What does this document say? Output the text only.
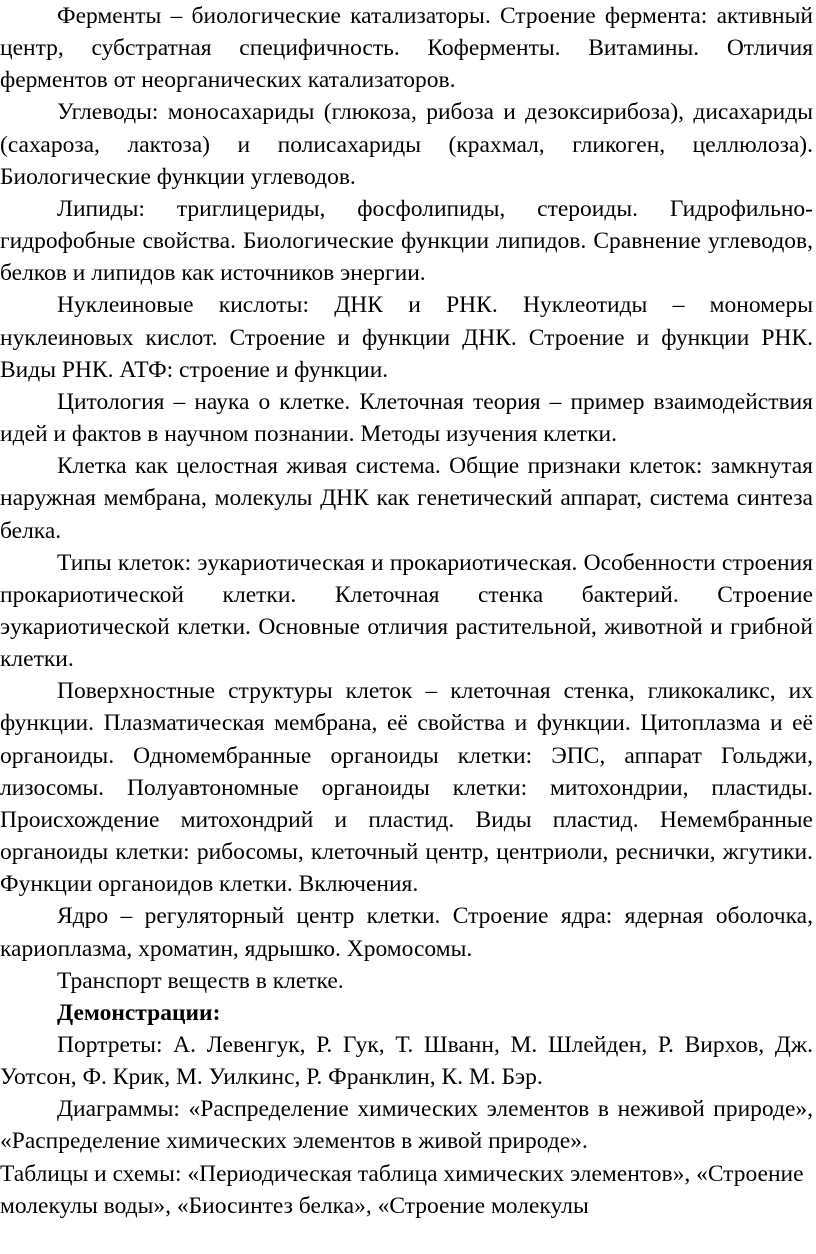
Ферменты – биологические катализаторы. Строение фермента: активный центр, субстратная специфичность. Коферменты. Витамины. Отличия ферментов от неорганических катализаторов.

Углеводы: моносахариды (глюкоза, рибоза и дезоксирибоза), дисахариды (сахароза, лактоза) и полисахариды (крахмал, гликоген, целлюлоза). Биологические функции углеводов.

Липиды: триглицериды, фосфолипиды, стероиды. Гидрофильно-гидрофобные свойства. Биологические функции липидов. Сравнение углеводов, белков и липидов как источников энергии.

Нуклеиновые кислоты: ДНК и РНК. Нуклеотиды – мономеры нуклеиновых кислот. Строение и функции ДНК. Строение и функции РНК. Виды РНК. АТФ: строение и функции.

Цитология – наука о клетке. Клеточная теория – пример взаимодействия идей и фактов в научном познании. Методы изучения клетки.

Клетка как целостная живая система. Общие признаки клеток: замкнутая наружная мембрана, молекулы ДНК как генетический аппарат, система синтеза белка.

Типы клеток: эукариотическая и прокариотическая. Особенности строения прокариотической клетки. Клеточная стенка бактерий. Строение эукариотической клетки. Основные отличия растительной, животной и грибной клетки.

Поверхностные структуры клеток – клеточная стенка, гликокаликс, их функции. Плазматическая мембрана, её свойства и функции. Цитоплазма и её органоиды. Одномембранные органоиды клетки: ЭПС, аппарат Гольджи, лизосомы. Полуавтономные органоиды клетки: митохондрии, пластиды. Происхождение митохондрий и пластид. Виды пластид. Немембранные органоиды клетки: рибосомы, клеточный центр, центриоли, реснички, жгутики. Функции органоидов клетки. Включения.

Ядро – регуляторный центр клетки. Строение ядра: ядерная оболочка, кариоплазма, хроматин, ядрышко. Хромосомы.

Транспорт веществ в клетке.

Демонстрации:

Портреты: А. Левенгук, Р. Гук, Т. Шванн, М. Шлейден, Р. Вирхов, Дж. Уотсон, Ф. Крик, М. Уилкинс, Р. Франклин, К. М. Бэр.

Диаграммы: «Распределение химических элементов в неживой природе», «Распределение химических элементов в живой природе».

Таблицы и схемы: «Периодическая таблица химических элементов», «Строение молекулы воды», «Биосинтез белка», «Строение молекулы
